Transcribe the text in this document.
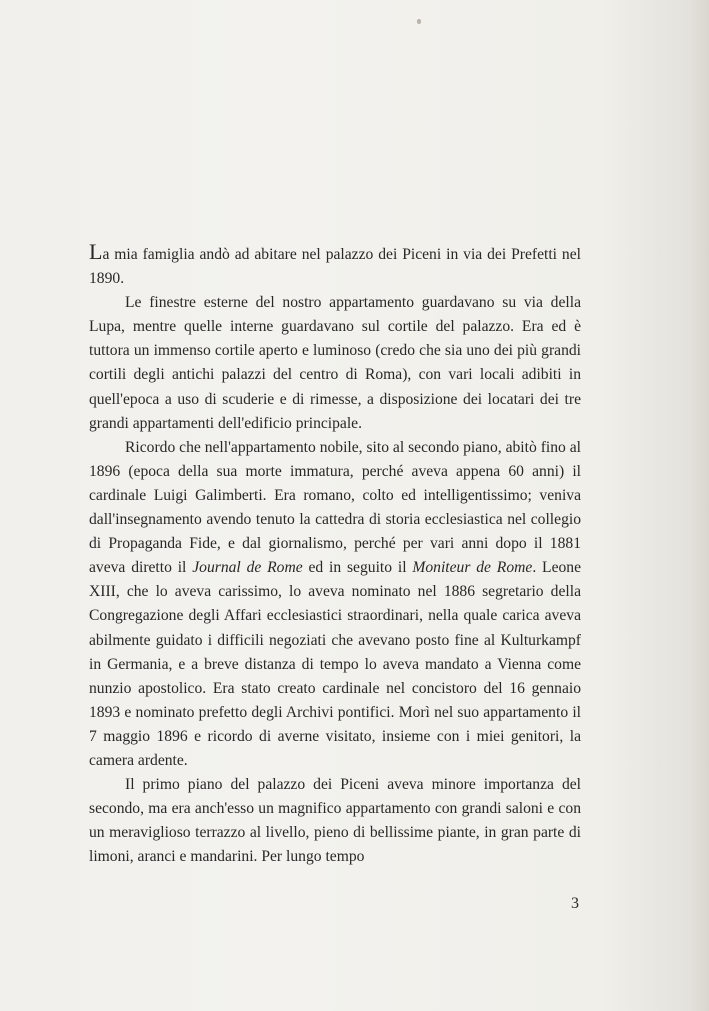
La mia famiglia andò ad abitare nel palazzo dei Piceni in via dei Prefetti nel 1890.

Le finestre esterne del nostro appartamento guardavano su via della Lupa, mentre quelle interne guardavano sul cortile del palazzo. Era ed è tuttora un immenso cortile aperto e luminoso (credo che sia uno dei più grandi cortili degli antichi palazzi del centro di Roma), con vari locali adibiti in quell'epoca a uso di scuderie e di rimesse, a disposizione dei locatari dei tre grandi appartamenti dell'edificio principale.

Ricordo che nell'appartamento nobile, sito al secondo piano, abitò fino al 1896 (epoca della sua morte immatura, perché aveva appena 60 anni) il cardinale Luigi Galimberti. Era romano, colto ed intelligentissimo; veniva dall'insegnamento avendo tenuto la cattedra di storia ecclesiastica nel collegio di Propaganda Fide, e dal giornalismo, perché per vari anni dopo il 1881 aveva diretto il Journal de Rome ed in seguito il Moniteur de Rome. Leone XIII, che lo aveva carissimo, lo aveva nominato nel 1886 segretario della Congregazione degli Affari ecclesiastici straordinari, nella quale carica aveva abilmente guidato i difficili negoziati che avevano posto fine al Kulturkampf in Germania, e a breve distanza di tempo lo aveva mandato a Vienna come nunzio apostolico. Era stato creato cardinale nel concistoro del 16 gennaio 1893 e nominato prefetto degli Archivi pontifici. Morì nel suo appartamento il 7 maggio 1896 e ricordo di averne visitato, insieme con i miei genitori, la camera ardente.

Il primo piano del palazzo dei Piceni aveva minore importanza del secondo, ma era anch'esso un magnifico appartamento con grandi saloni e con un meraviglioso terrazzo al livello, pieno di bellissime piante, in gran parte di limoni, aranci e mandarini. Per lungo tempo

3
